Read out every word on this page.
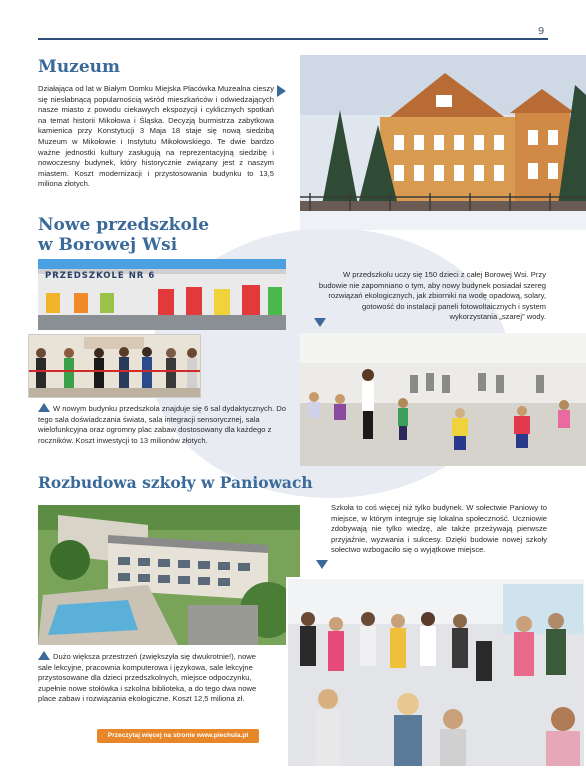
9
Muzeum
Działająca od lat w Białym Domku Miejska Placówka Muzealna cieszy się niesłabnącą popularnością wśród mieszkańców i odwiedzających nasze miasto z powodu ciekawych ekspozycji i cyklicznych spotkań na temat historii Mikołowa i Śląska. Decyzją burmistrza zabytkowa kamienica przy Konstytucji 3 Maja 18 staje się nową siedzibą Muzeum w Mikołowie i Instytutu Mikołowskiego. Te dwie bardzo ważne jednostki kultury zasługują na reprezentacyjną siedzibę i nowoczesny budynek, który historycznie związany jest z naszym miastem. Koszt modernizacji i przystosowania budynku to 13,5 miliona złotych.
Nowe przedszkole
w Borowej Wsi
PRZEDSZKOLE NR 6	W przedszkolu uczy się 150 dzieci z całej Borowej Wsi. Przy budowie nie zapomniano o tym, aby nowy budynek posiadał szereg rozwiązań ekologicznych, jak zbiorniki na wodę opadową, solary, gotowość do instalacji paneli fotowoltaicznych i system wykorzystania „szarej” wody.
W nowym budynku przedszkola znajduje się 6 sal dydaktycznych. Do tego sala doświadczania świata, sala integracji sensorycznej, sala wielofunkcyjna oraz ogromny plac zabaw dostosowany dla każdego z roczników. Koszt inwestycji to 13 milionów złotych.
Rozbudowa szkoły w Paniowach
Szkoła to coś więcej niż tylko budynek. W sołectwie Paniowy to miejsce, w którym integruje się lokalna społeczność. Uczniowie zdobywają nie tylko wiedzę, ale także przeżywają pierwsze przyjaźnie, wyzwania i sukcesy. Dzięki budowie nowej szkoły sołectwo wzbogaciło się o wyjątkowe miejsce.
Dużo większa przestrzeń (zwiększyła się dwukrotnie!), nowe sale lekcyjne, pracownia komputerowa i językowa, sale lekcyjne przystosowane dla dzieci przedszkolnych, miejsce odpoczynku, zupełnie nowe stołówka i szkolna biblioteka, a do tego dwa nowe place zabaw i rozwiązania ekologiczne. Koszt 12,5 miliona zł.
Przeczytaj więcej na stronie www.piechula.pl
